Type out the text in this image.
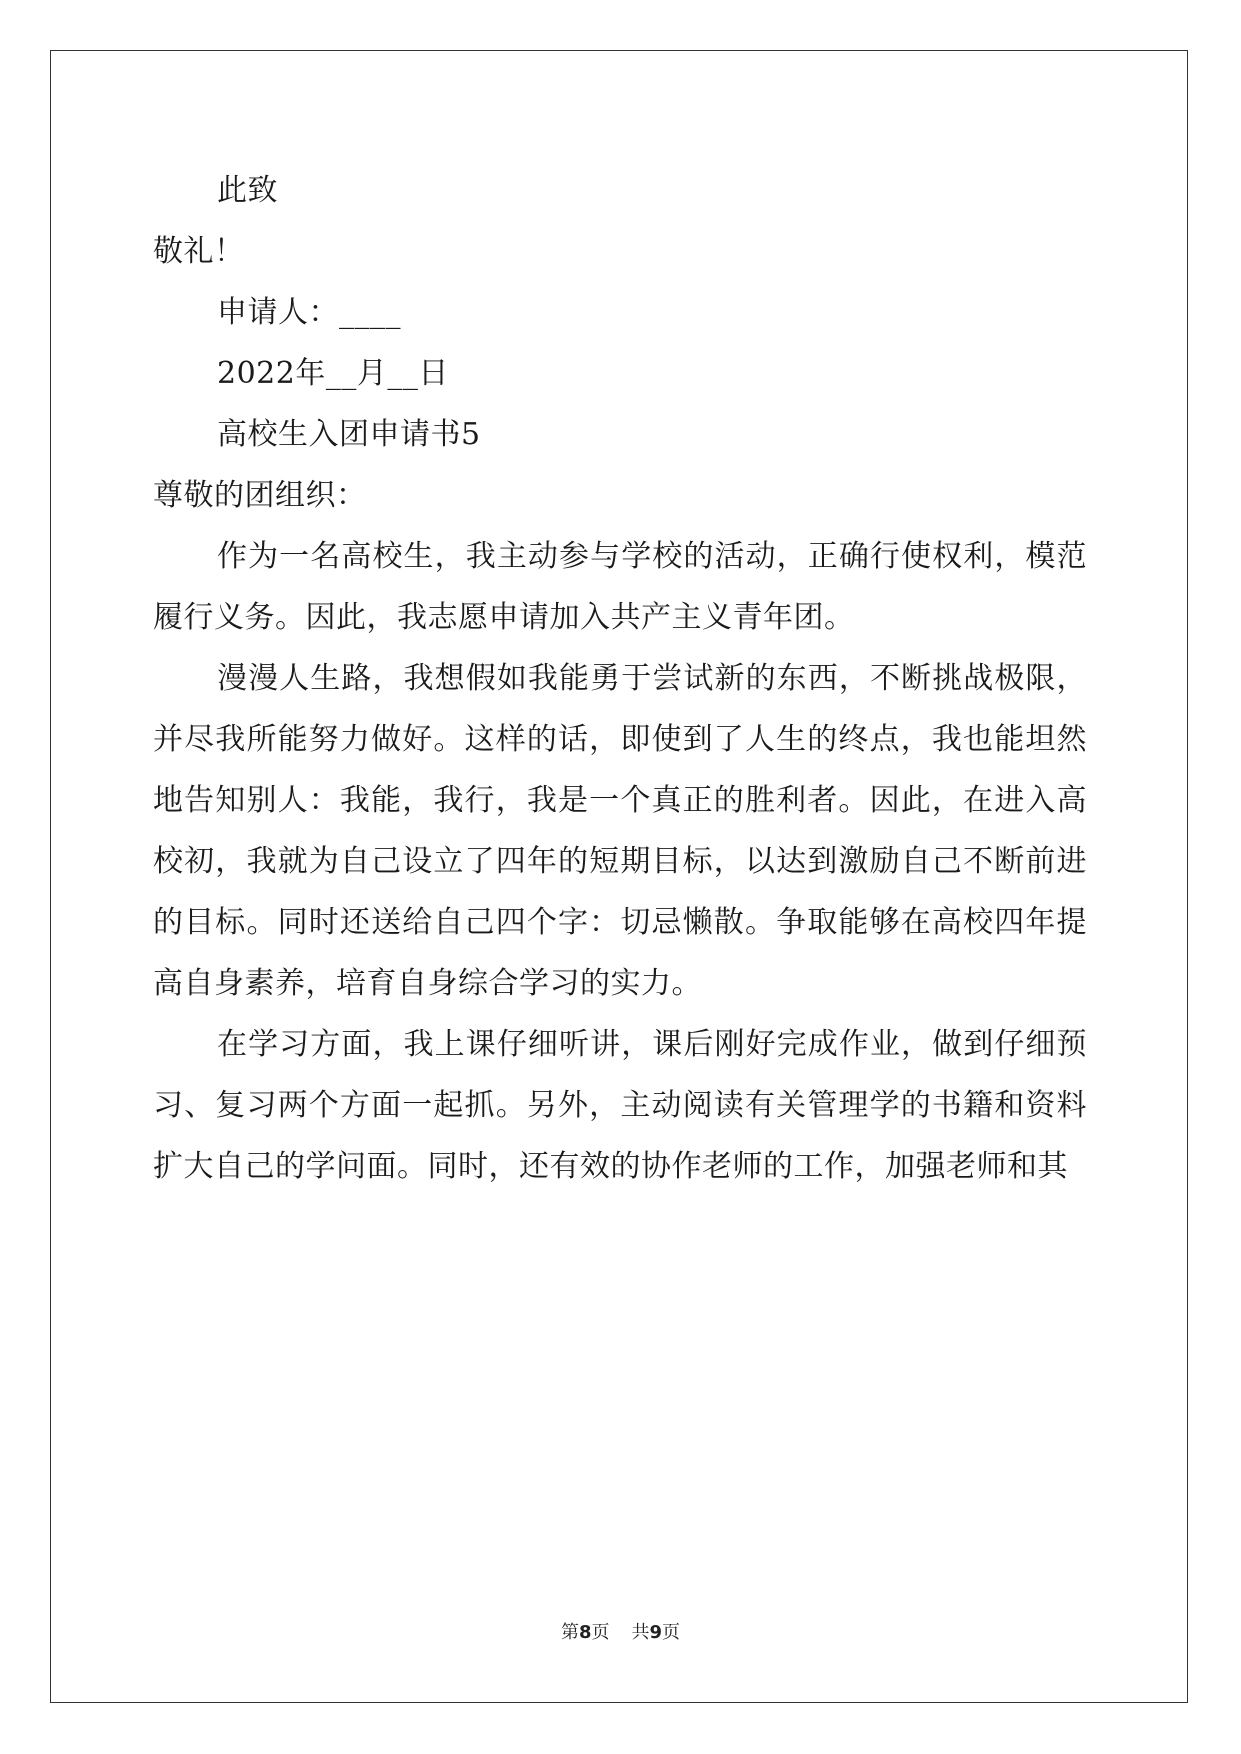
此致

敬礼！

申请人：____

2022年__月__日

高校生入团申请书5

尊敬的团组织：

作为一名高校生，我主动参与学校的活动，正确行使权利，模范履行义务。因此，我志愿申请加入共产主义青年团。

漫漫人生路，我想假如我能勇于尝试新的东西，不断挑战极限，并尽我所能努力做好。这样的话，即使到了人生的终点，我也能坦然地告知别人：我能，我行，我是一个真正的胜利者。因此，在进入高校初，我就为自己设立了四年的短期目标，以达到激励自己不断前进的目标。同时还送给自己四个字：切忌懒散。争取能够在高校四年提高自身素养，培育自身综合学习的实力。

在学习方面，我上课仔细听讲，课后刚好完成作业，做到仔细预习、复习两个方面一起抓。另外，主动阅读有关管理学的书籍和资料扩大自己的学问面。同时，还有效的协作老师的工作，加强老师和其

第8页 共9页
